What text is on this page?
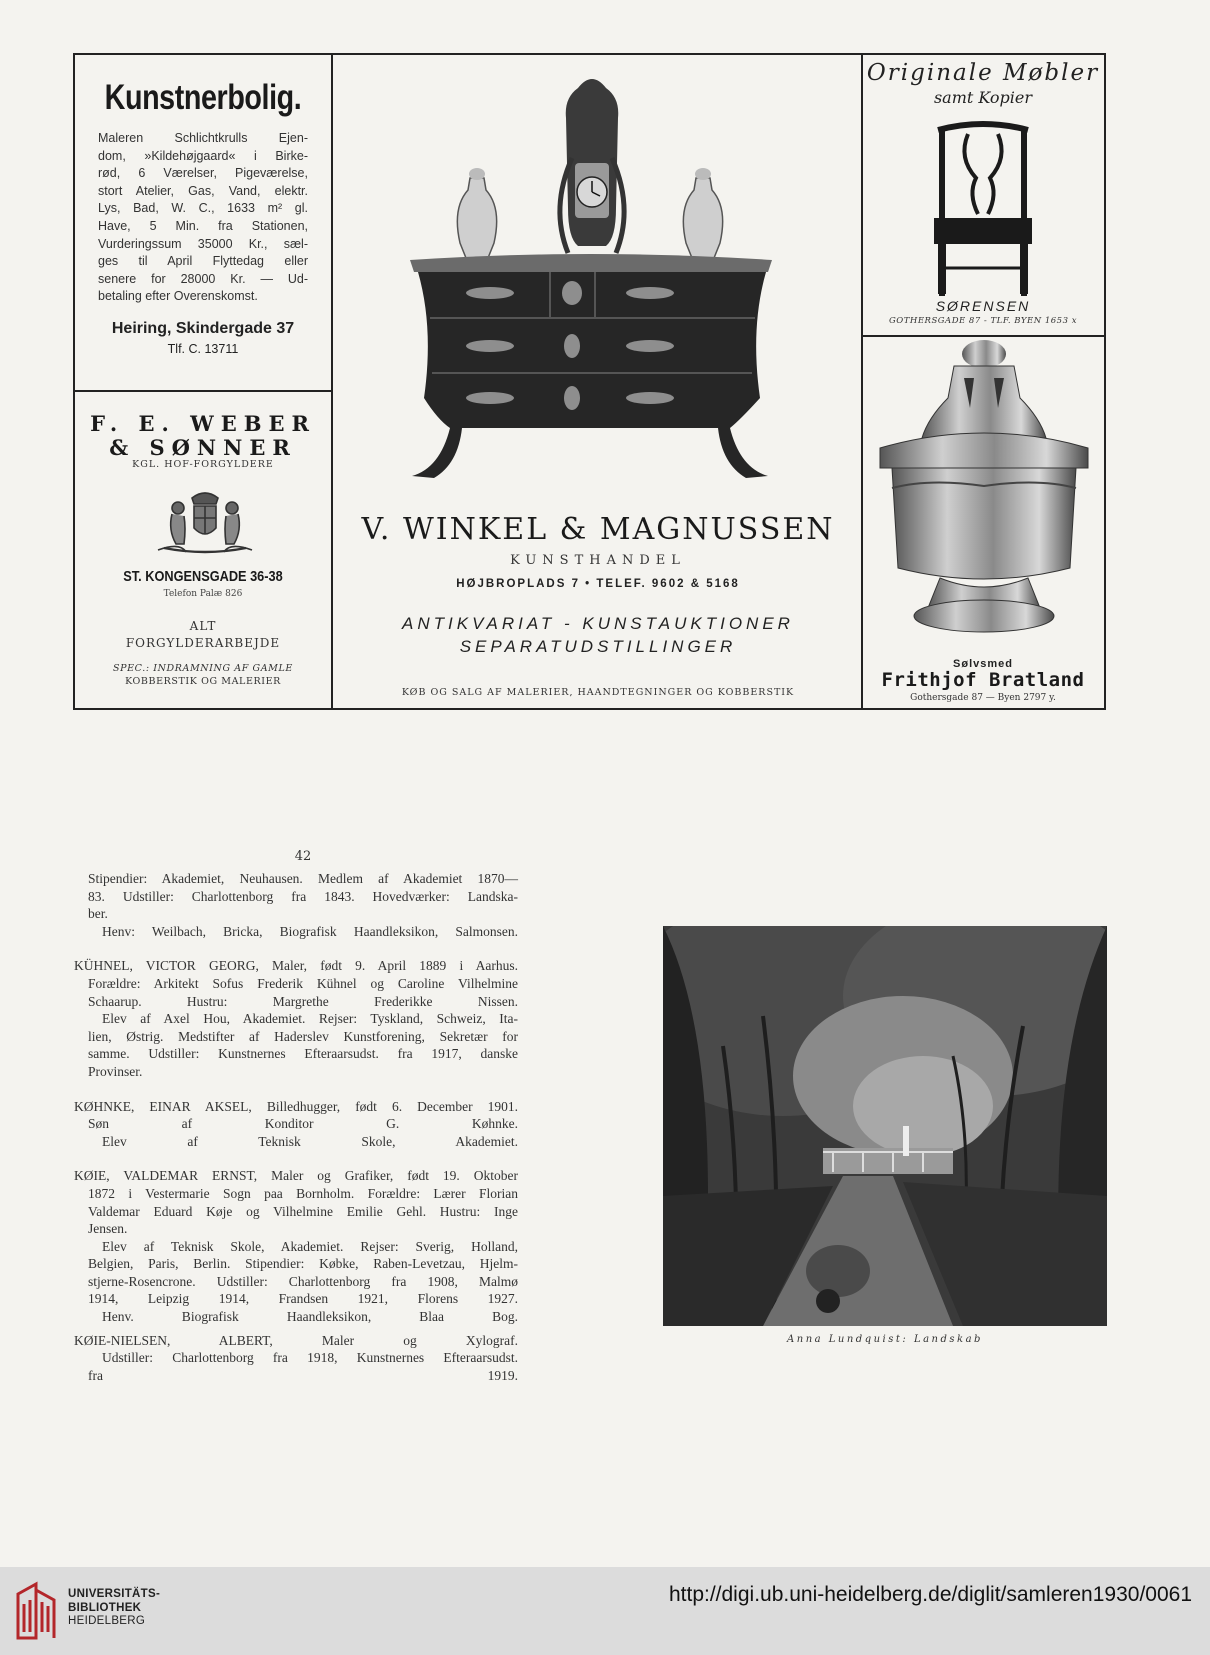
Kunstnerbolig.
Maleren Schlichtkrulls Ejen-
dom, »Kildehøjgaard« i Birke-
rød, 6 Værelser, Pigeværelse,
stort Atelier, Gas, Vand, elektr.
Lys, Bad, W. C., 1633 m² gl.
Have, 5 Min. fra Stationen,
Vurderingssum 35000 Kr., sæl-
ges til April Flyttedag eller
senere for 28000 Kr. — Ud-
betaling efter Overenskomst.
Heiring, Skindergade 37
Tlf. C. 13711
F. E. WEBER
& SØNNER
KGL. HOF-FORGYLDERE
ST. KONGENSGADE 36-38
Telefon Palæ 826
ALT
FORGYLDERARBEJDE
SPEC.: INDRAMNING AF GAMLE
KOBBERSTIK OG MALERIER
V. WINKEL & MAGNUSSEN
KUNSTHANDEL
HØJBROPLADS 7 • TELEF. 9602 & 5168
ANTIKVARIAT - KUNSTAUKTIONER
SEPARATUDSTILLINGER
KØB OG SALG AF MALERIER, HAANDTEGNINGER OG KOBBERSTIK
Originale Møbler
samt Kopier
SØRENSEN
GOTHERSGADE 87 - TLF. BYEN 1653 x
Sølvsmed
Frithjof Bratland
Gothersgade 87 — Byen 2797 y.
42
Stipendier: Akademiet, Neuhausen. Medlem af Akademiet 1870—
83. Udstiller: Charlottenborg fra 1843. Hovedværker: Landska-
ber.
Henv: Weilbach, Bricka, Biografisk Haandleksikon, Salmonsen.
KÜHNEL, VICTOR GEORG, Maler, født 9. April 1889 i Aarhus.
Forældre: Arkitekt Sofus Frederik Kühnel og Caroline Vilhelmine
Schaarup. Hustru: Margrethe Frederikke Nissen.
Elev af Axel Hou, Akademiet. Rejser: Tyskland, Schweiz, Ita-
lien, Østrig. Medstifter af Haderslev Kunstforening, Sekretær for
samme. Udstiller: Kunstnernes Efteraarsudst. fra 1917, danske
Provinser.
KØHNKE, EINAR AKSEL, Billedhugger, født 6. December 1901.
Søn af Konditor G. Køhnke.
Elev af Teknisk Skole, Akademiet.
KØIE, VALDEMAR ERNST, Maler og Grafiker, født 19. Oktober
1872 i Vestermarie Sogn paa Bornholm. Forældre: Lærer Florian
Valdemar Eduard Køje og Vilhelmine Emilie Gehl. Hustru: Inge
Jensen.
Elev af Teknisk Skole, Akademiet. Rejser: Sverig, Holland,
Belgien, Paris, Berlin. Stipendier: Købke, Raben-Levetzau, Hjelm-
stjerne-Rosencrone. Udstiller: Charlottenborg fra 1908, Malmø
1914, Leipzig 1914, Frandsen 1921, Florens 1927.
Henv. Biografisk Haandleksikon, Blaa Bog.
KØIE-NIELSEN, ALBERT, Maler og Xylograf.
Udstiller: Charlottenborg fra 1918, Kunstnernes Efteraarsudst.
fra 1919.
Anna Lundquist: Landskab
UNIVERSITÄTS-
BIBLIOTHEK
HEIDELBERG
http://digi.ub.uni-heidelberg.de/diglit/samleren1930/0061
